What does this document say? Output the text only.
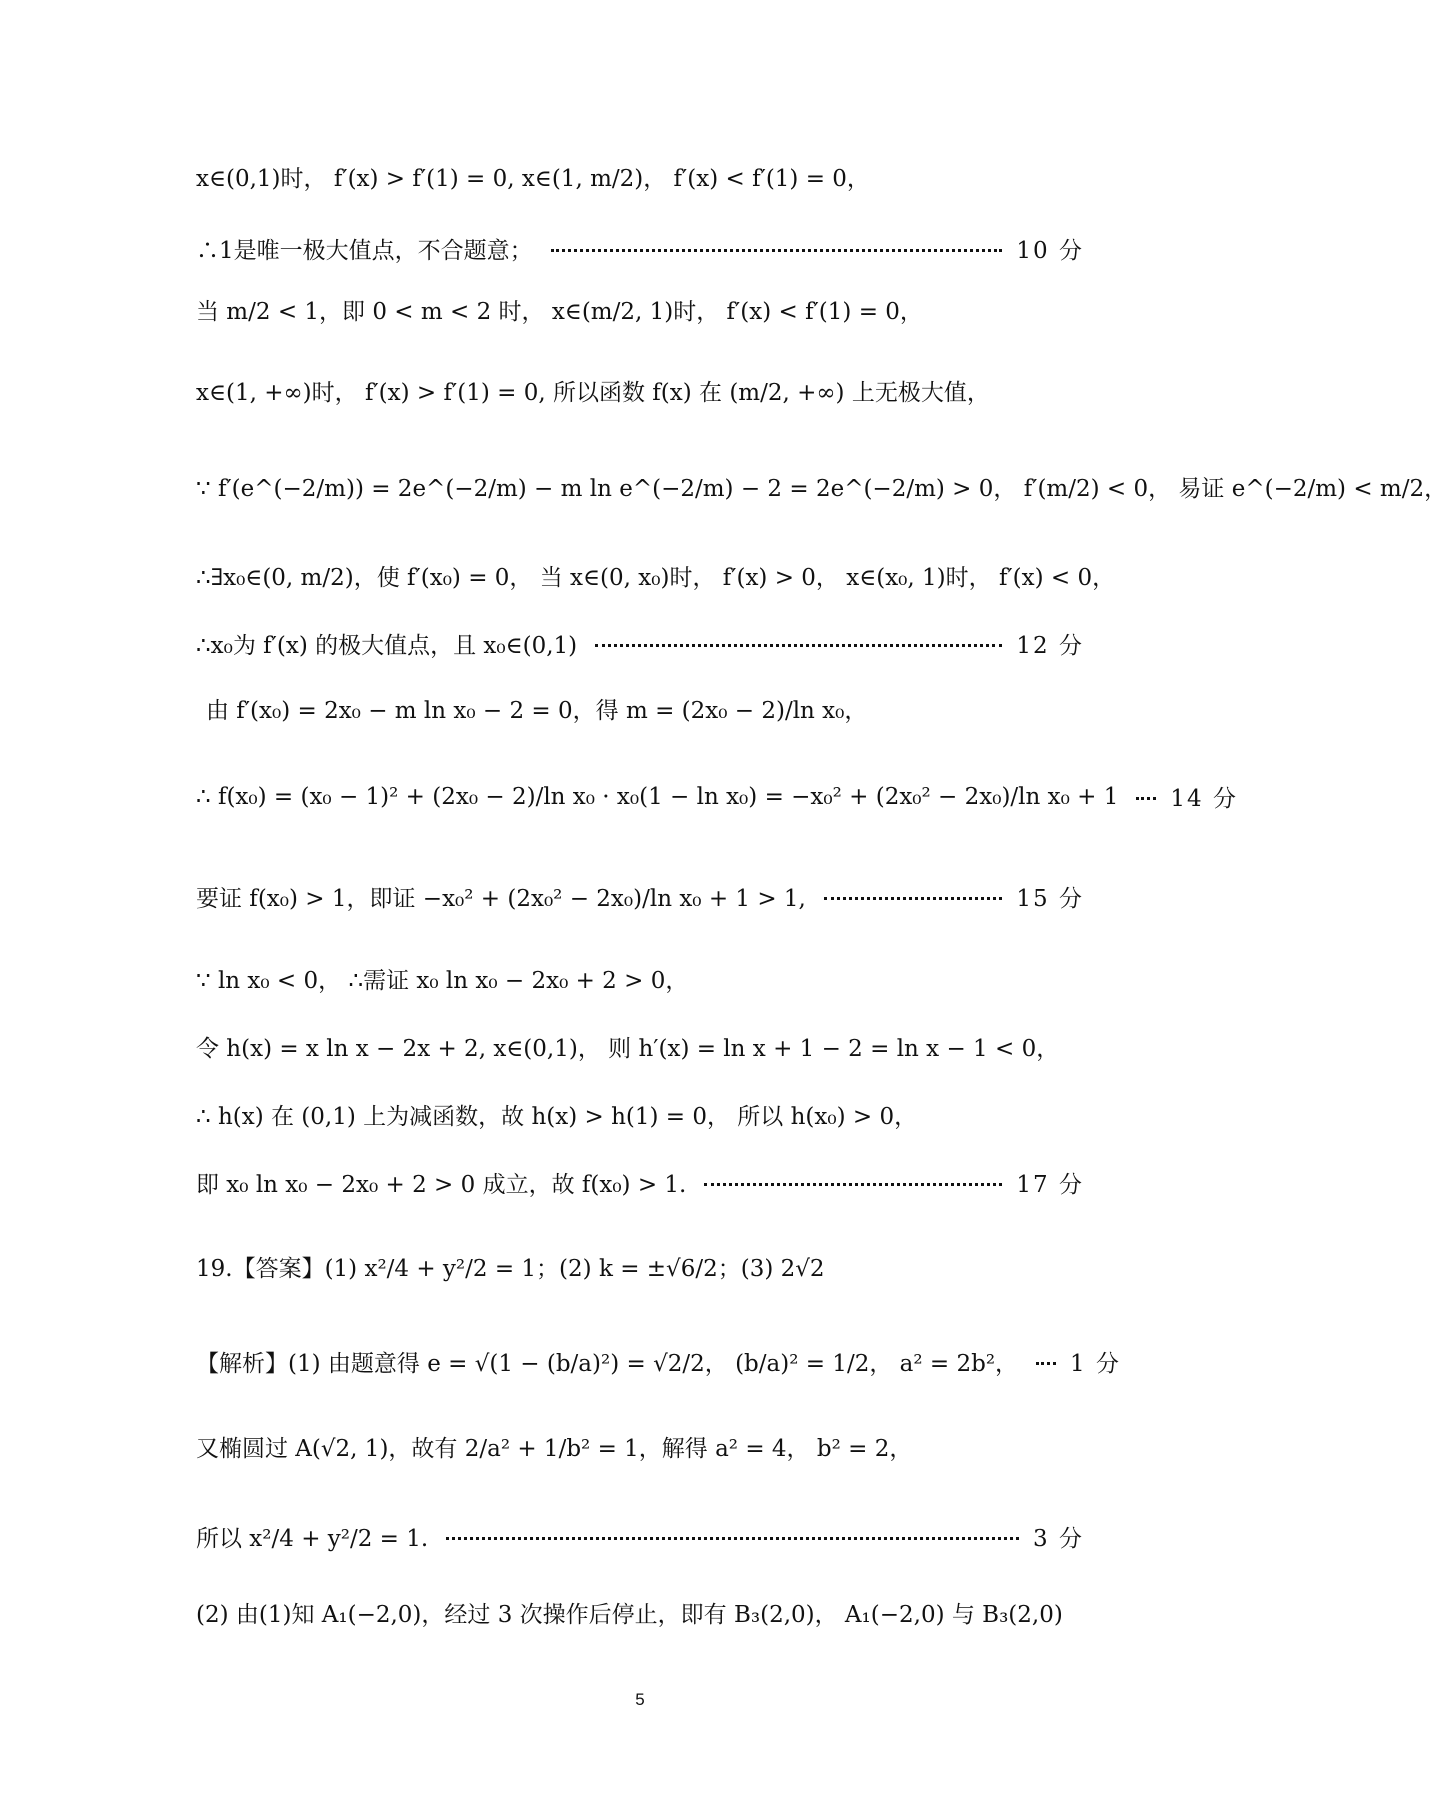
x∈(0,1)时， f′(x) > f′(1) = 0, x∈(1, m/2)， f′(x) < f′(1) = 0，
∴1是唯一极大值点，不合题意；	10 分
当 m/2 < 1，即 0 < m < 2 时， x∈(m/2, 1)时， f′(x) < f′(1) = 0，
x∈(1, +∞)时， f′(x) > f′(1) = 0, 所以函数 f(x) 在 (m/2, +∞) 上无极大值，
∵ f′(e^(−2/m)) = 2e^(−2/m) − m ln e^(−2/m) − 2 = 2e^(−2/m) > 0， f′(m/2) < 0， 易证 e^(−2/m) < m/2，
∴∃x₀∈(0, m/2)，使 f′(x₀) = 0， 当 x∈(0, x₀)时， f′(x) > 0， x∈(x₀, 1)时， f′(x) < 0，
∴x₀为 f′(x) 的极大值点，且 x₀∈(0,1)	12 分
由 f′(x₀) = 2x₀ − m ln x₀ − 2 = 0，得 m = (2x₀ − 2)/ln x₀，
∴ f(x₀) = (x₀ − 1)² + (2x₀ − 2)/ln x₀ · x₀(1 − ln x₀) = −x₀² + (2x₀² − 2x₀)/ln x₀ + 1 14 分
要证 f(x₀) > 1，即证 −x₀² + (2x₀² − 2x₀)/ln x₀ + 1 > 1,	15 分
∵ ln x₀ < 0， ∴需证 x₀ ln x₀ − 2x₀ + 2 > 0，
令 h(x) = x ln x − 2x + 2, x∈(0,1)， 则 h′(x) = ln x + 1 − 2 = ln x − 1 < 0，
∴ h(x) 在 (0,1) 上为减函数，故 h(x) > h(1) = 0， 所以 h(x₀) > 0，
即 x₀ ln x₀ − 2x₀ + 2 > 0 成立，故 f(x₀) > 1.	17 分
19.【答案】(1) x²/4 + y²/2 = 1；(2) k = ±√6/2；(3) 2√2
【解析】(1) 由题意得 e = √(1 − (b/a)²) = √2/2， (b/a)² = 1/2， a² = 2b²， 1 分
又椭圆过 A(√2, 1)，故有 2/a² + 1/b² = 1，解得 a² = 4， b² = 2，
所以 x²/4 + y²/2 = 1.	3 分
(2) 由(1)知 A₁(−2,0)，经过 3 次操作后停止，即有 B₃(2,0)， A₁(−2,0) 与 B₃(2,0)
5
